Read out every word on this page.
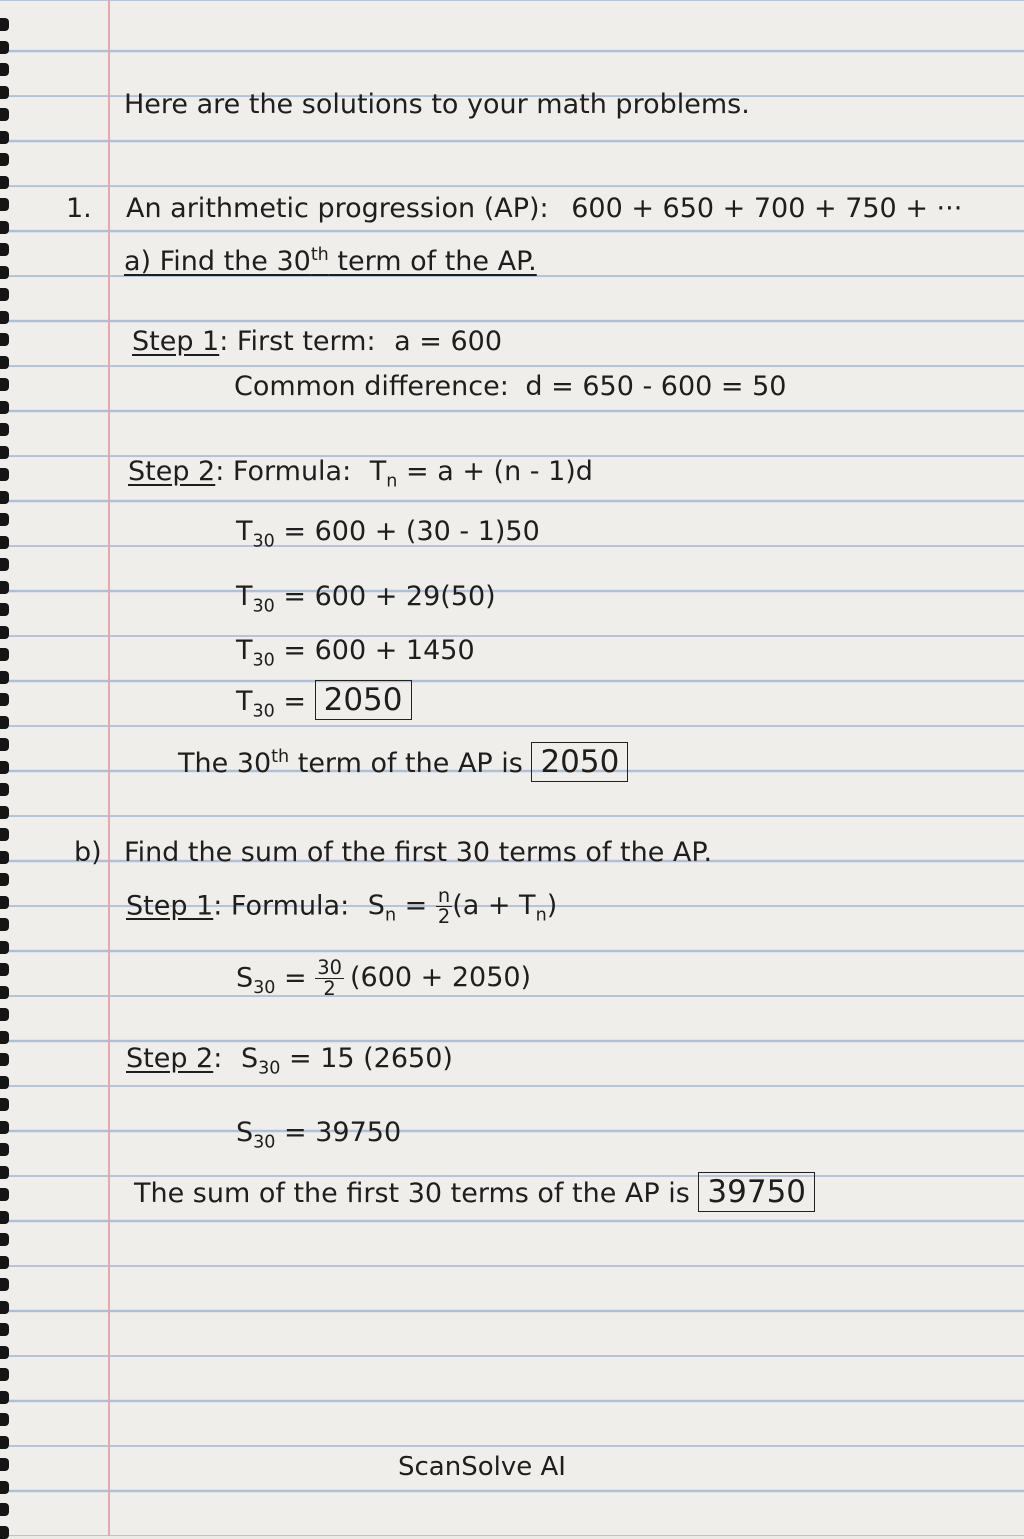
Here are the solutions to your math problems.
1. An arithmetic progression (AP): 600 + 650 + 700 + 750 + ···
a) Find the 30th term of the AP.
Step 1: First term: a = 600
Common difference: d = 650 - 600 = 50
Step 2: Formula: $T_n = a + (n - 1)d$
$T_{30} = 600 + (30 - 1)50$
$T_{30} = 600 + 29(50)$
$T_{30} = 600 + 1450$
$T_{30} = 2050$
The 30th term of the AP is 2050
b) Find the sum of the first 30 terms of the AP.
Step 1: Formula: $S_n = \frac{n}{2} (a + T_n)$
$S_{30} = \frac{30}{2} (600 + 2050)$
Step 2: $S_{30} = 15$ (2650)
$S_{30} = 39750$
The sum of the first 30 terms of the AP is 39750
ScanSolve AI
